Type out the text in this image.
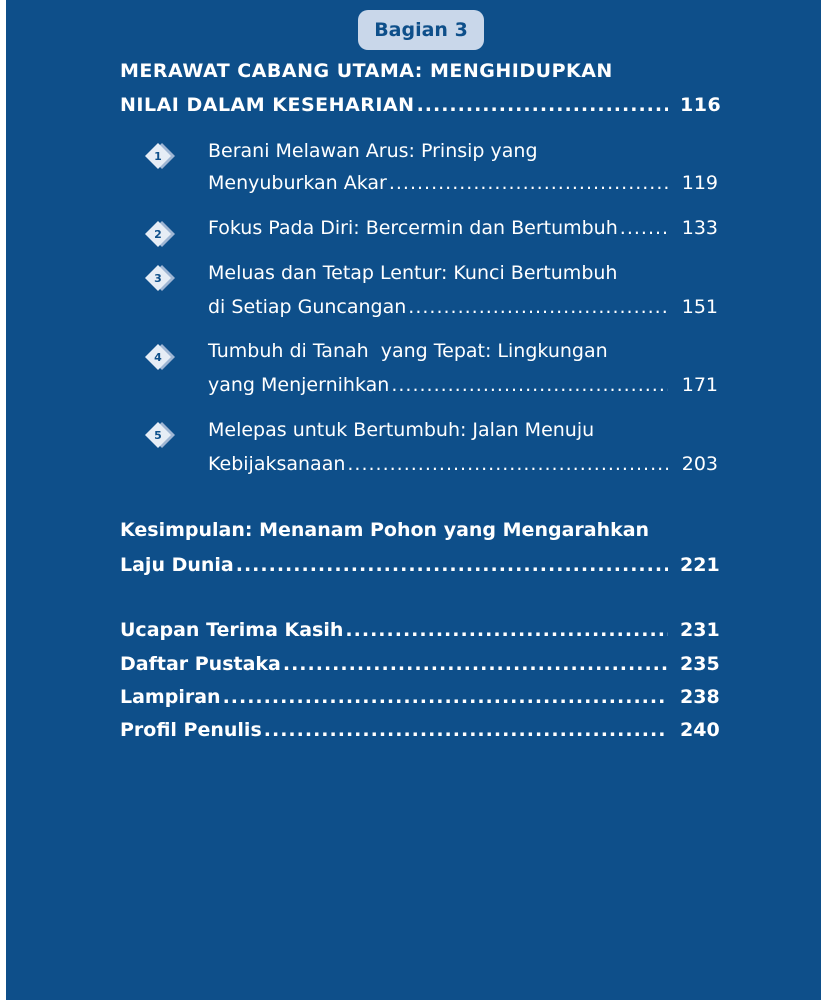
Bagian 3
MERAWAT CABANG UTAMA: MENGHIDUPKAN
NILAI DALAM KESEHARIAN .....	116
1 Berani Melawan Arus: Prinsip yang
Menyuburkan Akar .....	119
2 Fokus Pada Diri: Bercermin dan Bertumbuh .....	133
3 Meluas dan Tetap Lentur: Kunci Bertumbuh
di Setiap Guncangan .....	151
4 Tumbuh di Tanah  yang Tepat: Lingkungan
yang Menjernihkan .....	171
5 Melepas untuk Bertumbuh: Jalan Menuju
Kebijaksanaan .....	203
Kesimpulan: Menanam Pohon yang Mengarahkan
Laju Dunia .....	221
Ucapan Terima Kasih .....	231
Daftar Pustaka .....	235
Lampiran .....	238
Profil Penulis .....	240
